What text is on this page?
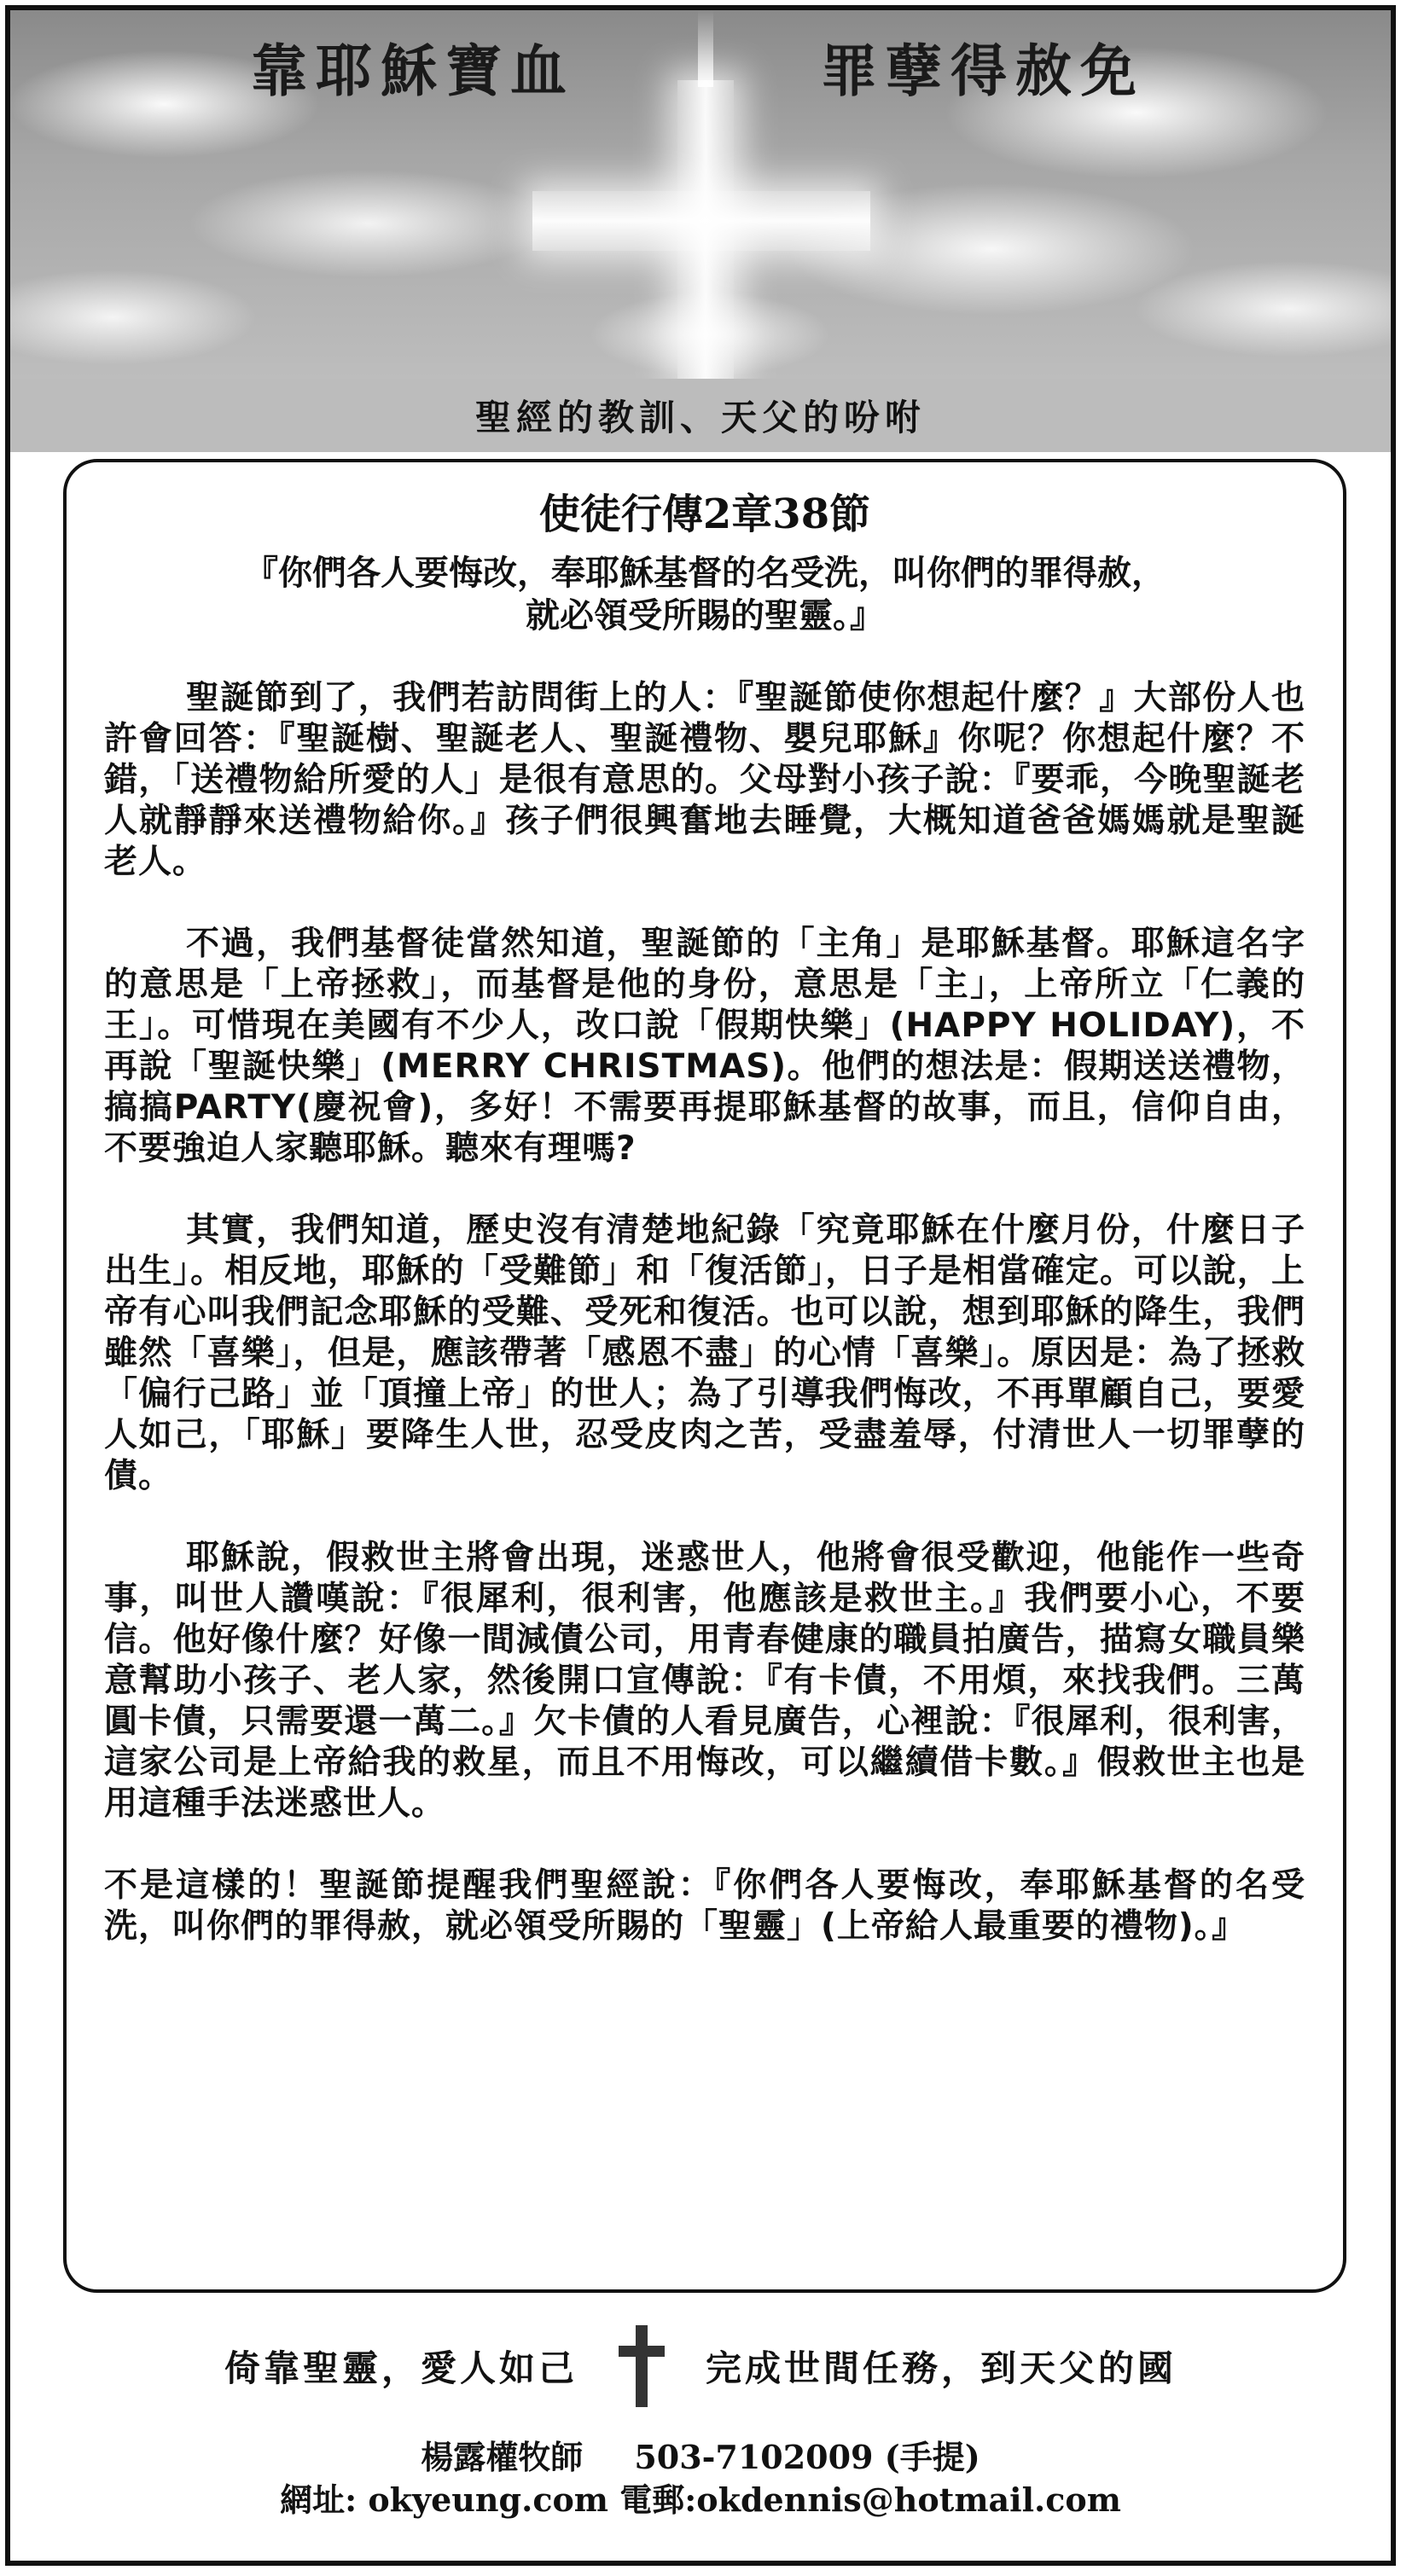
靠耶穌寶血	罪孽得赦免
聖經的教訓、天父的吩咐
使徒行傳2章38節

『你們各人要悔改，奉耶穌基督的名受洗，叫你們的罪得赦，

就必領受所賜的聖靈。』

聖誕節到了，我們若訪問街上的人：『聖誕節使你想起什麼？』大部份人也許會回答：『聖誕樹、聖誕老人、聖誕禮物、嬰兒耶穌』你呢？你想起什麼？不錯，「送禮物給所愛的人」是很有意思的。父母對小孩子說：『要乖，今晚聖誕老人就靜靜來送禮物給你。』孩子們很興奮地去睡覺，大概知道爸爸媽媽就是聖誕老人。

不過，我們基督徒當然知道，聖誕節的「主角」是耶穌基督。耶穌這名字的意思是「上帝拯救」，而基督是他的身份，意思是「主」，上帝所立「仁義的王」。可惜現在美國有不少人，改口說「假期快樂」(HAPPY HOLIDAY)，不再說「聖誕快樂」(MERRY CHRISTMAS)。他們的想法是：假期送送禮物，搞搞PARTY(慶祝會)，多好！不需要再提耶穌基督的故事，而且，信仰自由，不要強迫人家聽耶穌。聽來有理嗎?

其實，我們知道，歷史沒有清楚地紀錄「究竟耶穌在什麼月份，什麼日子出生」。相反地，耶穌的「受難節」和「復活節」，日子是相當確定。可以說，上帝有心叫我們記念耶穌的受難、受死和復活。也可以說，想到耶穌的降生，我們雖然「喜樂」，但是，應該帶著「感恩不盡」的心情「喜樂」。原因是：為了拯救「偏行己路」並「頂撞上帝」的世人；為了引導我們悔改，不再單顧自己，要愛人如己，「耶穌」要降生人世，忍受皮肉之苦，受盡羞辱，付清世人一切罪孽的債。

耶穌說，假救世主將會出現，迷惑世人，他將會很受歡迎，他能作一些奇事，叫世人讚嘆說：『很犀利，很利害，他應該是救世主。』我們要小心，不要信。他好像什麼？好像一間減債公司，用青春健康的職員拍廣告，描寫女職員樂意幫助小孩子、老人家，然後開口宣傳說：『有卡債，不用煩，來找我們。三萬圓卡債，只需要還一萬二。』欠卡債的人看見廣告，心裡說：『很犀利，很利害，這家公司是上帝給我的救星，而且不用悔改，可以繼續借卡數。』假救世主也是用這種手法迷惑世人。

不是這樣的！聖誕節提醒我們聖經說：『你們各人要悔改，奉耶穌基督的名受洗，叫你們的罪得赦，就必領受所賜的「聖靈」(上帝給人最重要的禮物)。』

倚靠聖靈，愛人如己	完成世間任務，到天父的國
楊露權牧師 503-7102009 (手提)
網址: okyeung.com 電郵:okdennis@hotmail.com
